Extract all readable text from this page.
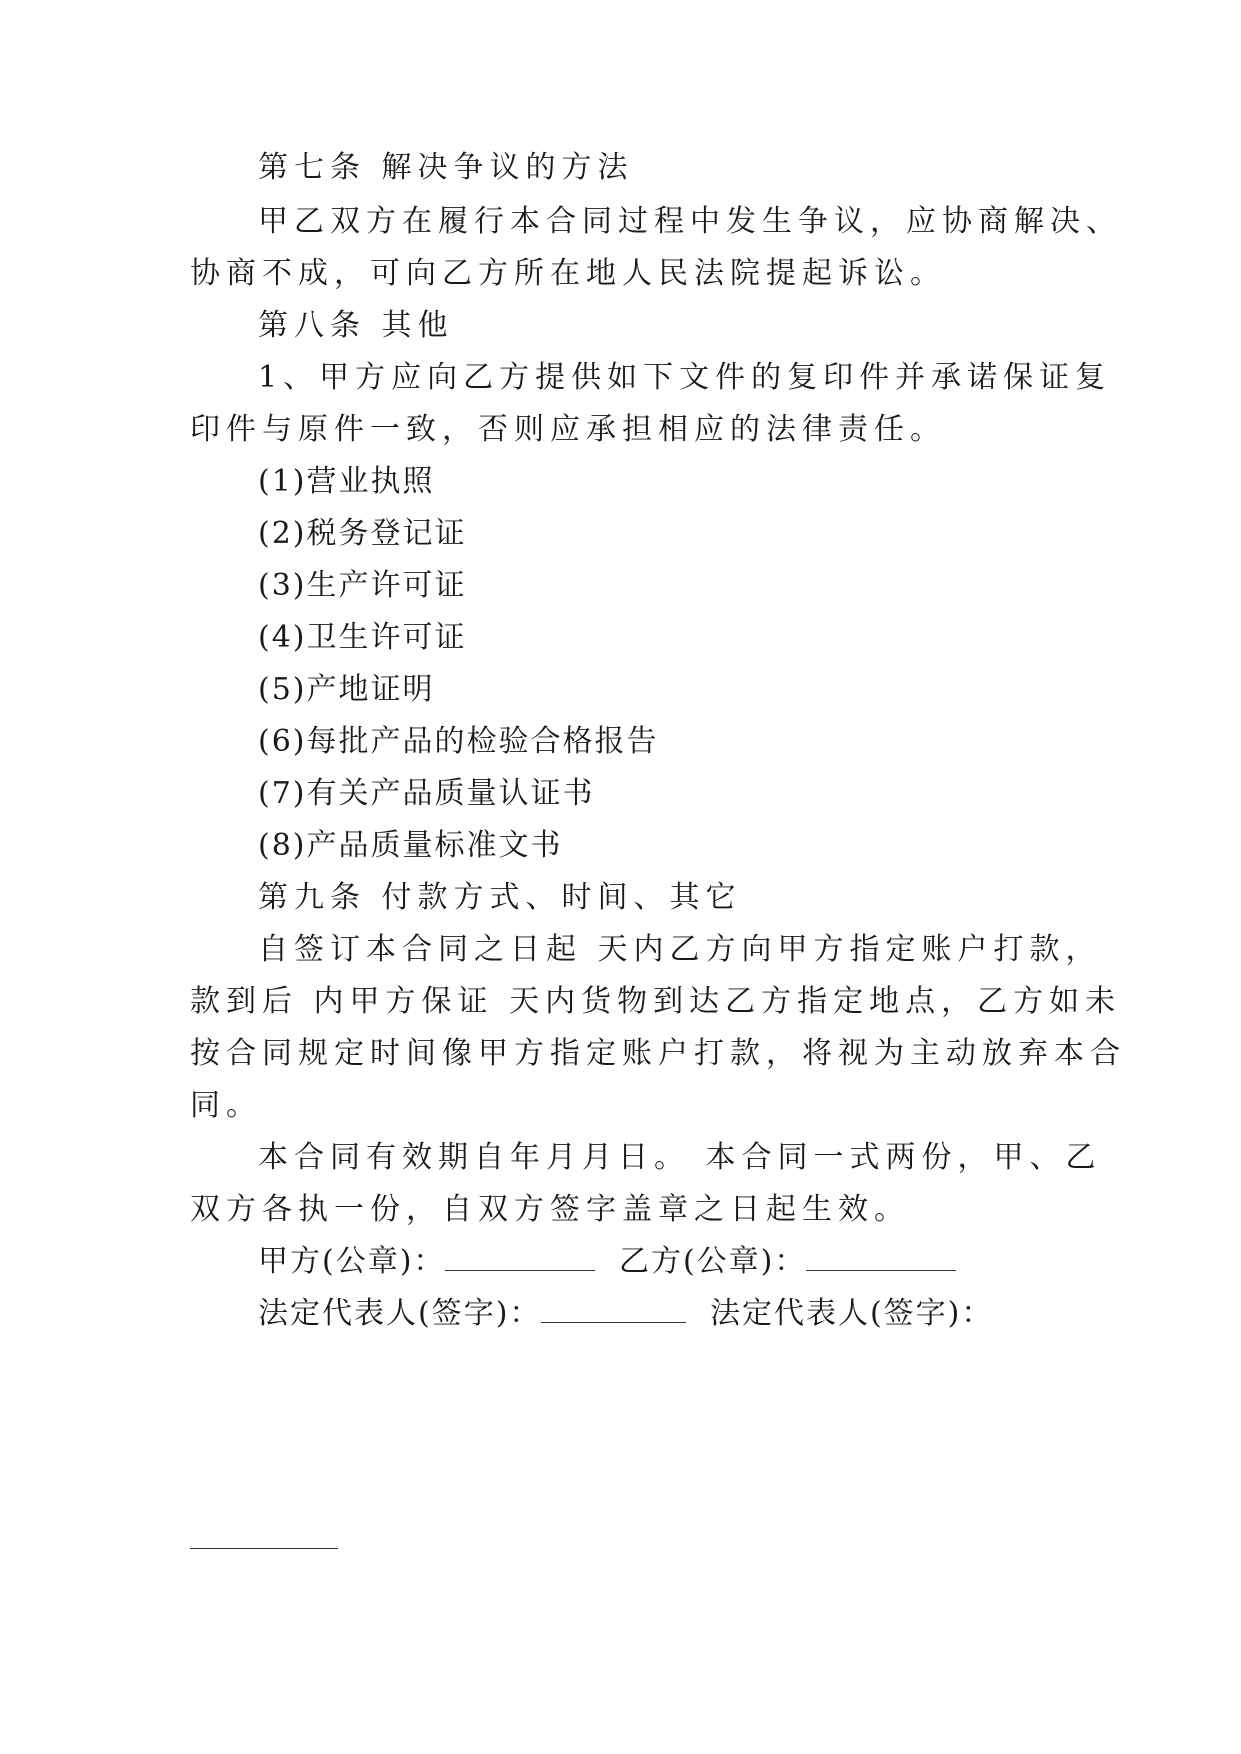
第七条 解决争议的方法
甲乙双方在履行本合同过程中发生争议，应协商解决、
协商不成，可向乙方所在地人民法院提起诉讼。
第八条 其他
1、甲方应向乙方提供如下文件的复印件并承诺保证复
印件与原件一致，否则应承担相应的法律责任。
(1)营业执照
(2)税务登记证
(3)生产许可证
(4)卫生许可证
(5)产地证明
(6)每批产品的检验合格报告
(7)有关产品质量认证书
(8)产品质量标准文书
第九条 付款方式、时间、其它
自签订本合同之日起 天内乙方向甲方指定账户打款，
款到后 内甲方保证 天内货物到达乙方指定地点，乙方如未
按合同规定时间像甲方指定账户打款，将视为主动放弃本合
同。
本合同有效期自年月月日。 本合同一式两份，甲、乙
双方各执一份，自双方签字盖章之日起生效。
甲方(公章)：	乙方(公章)：
法定代表人(签字)：	法定代表人(签字)：
